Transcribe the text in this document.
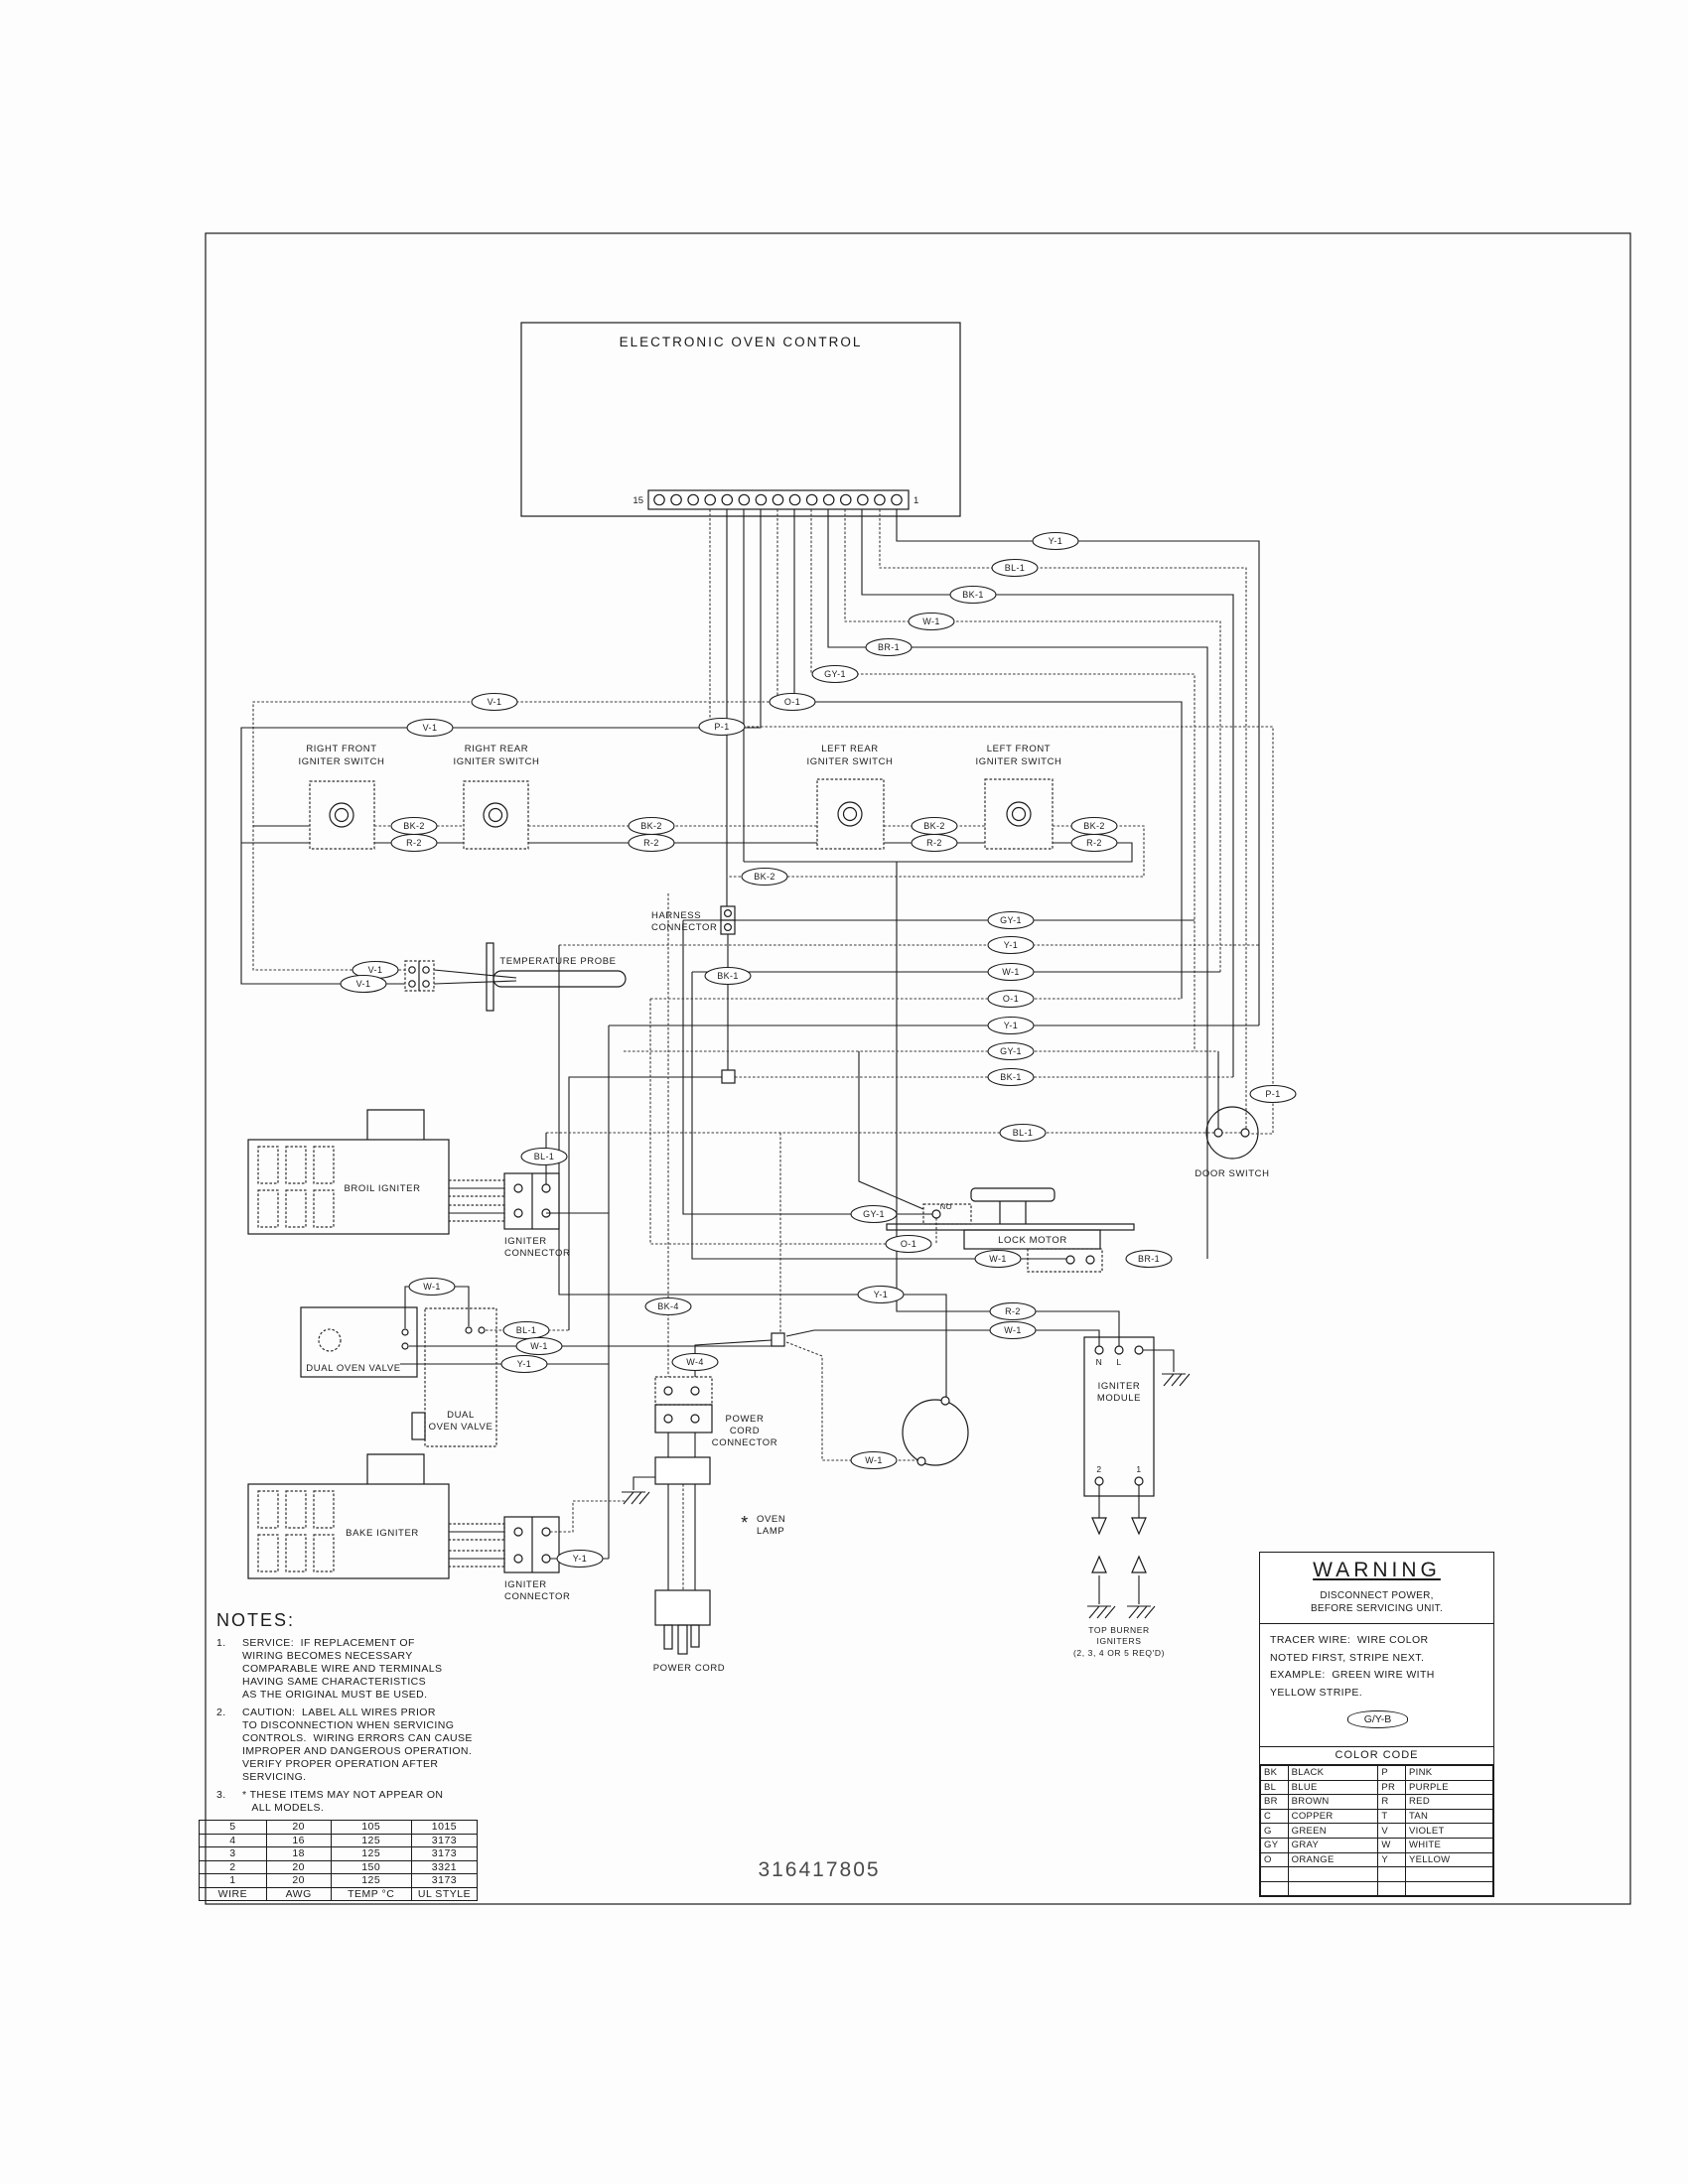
ELECTRONIC OVEN CONTROL
15	1
RIGHT FRONT
IGNITER SWITCH
RIGHT REAR
IGNITER SWITCH
LEFT REAR
IGNITER SWITCH
LEFT FRONT
IGNITER SWITCH
HARNESS
CONNECTOR
TEMPERATURE PROBE
BROIL IGNITER
IGNITER
CONNECTOR
DUAL OVEN VALVE
DUAL
OVEN VALVE
BAKE IGNITER
IGNITER
CONNECTOR
POWER
CORD
CONNECTOR
POWER CORD
LOCK MOTOR
NO
DOOR SWITCH
IGNITER
MODULE
N L
2	1
* OVEN
LAMP
TOP BURNER
IGNITERS
(2, 3, 4 OR 5 REQ'D)
Y-1
BL-1
BK-1
W-1
BR-1
GY-1
O-1
V-1
V-1	P-1
BK-2
R-2
BK-2
R-2
BK-2
R-2
BK-2
R-2
BK-2
GY-1
Y-1
W-1
O-1
Y-1
GY-1
BK-1
BL-1
BK-1
V-1
V-1
BL-1
W-1
BL-1
W-1
Y-1
BK-4
W-4
GY-1
O-1
W-1	BR-1
P-1
R-2
W-1
Y-1
W-1
Y-1
NOTES:
1.	SERVICE:  IF REPLACEMENT OF
WIRING BECOMES NECESSARY
COMPARABLE WIRE AND TERMINALS
HAVING SAME CHARACTERISTICS
AS THE ORIGINAL MUST BE USED.
2.	CAUTION:  LABEL ALL WIRES PRIOR
TO DISCONNECTION WHEN SERVICING
CONTROLS.  WIRING ERRORS CAN CAUSE
IMPROPER AND DANGEROUS OPERATION.
VERIFY PROPER OPERATION AFTER
SERVICING.
3.	* THESE ITEMS MAY NOT APPEAR ON
ALL MODELS.
5	20	105	1015
4	16	125	3173
3	18	125	3173
2	20	150	3321
1	20	125	3173
WIRE	AWG	TEMP °C	UL STYLE
WARNING
DISCONNECT POWER,
BEFORE SERVICING UNIT.
TRACER WIRE:  WIRE COLOR
NOTED FIRST, STRIPE NEXT.
EXAMPLE:  GREEN WIRE WITH
YELLOW STRIPE.
G/Y-B
COLOR CODE
BK	BLACK	P	PINK
BL	BLUE	PR	PURPLE
BR	BROWN	R	RED
C	COPPER	T	TAN
G	GREEN	V	VIOLET
GY	GRAY	W	WHITE
O	ORANGE	Y	YELLOW

316417805
